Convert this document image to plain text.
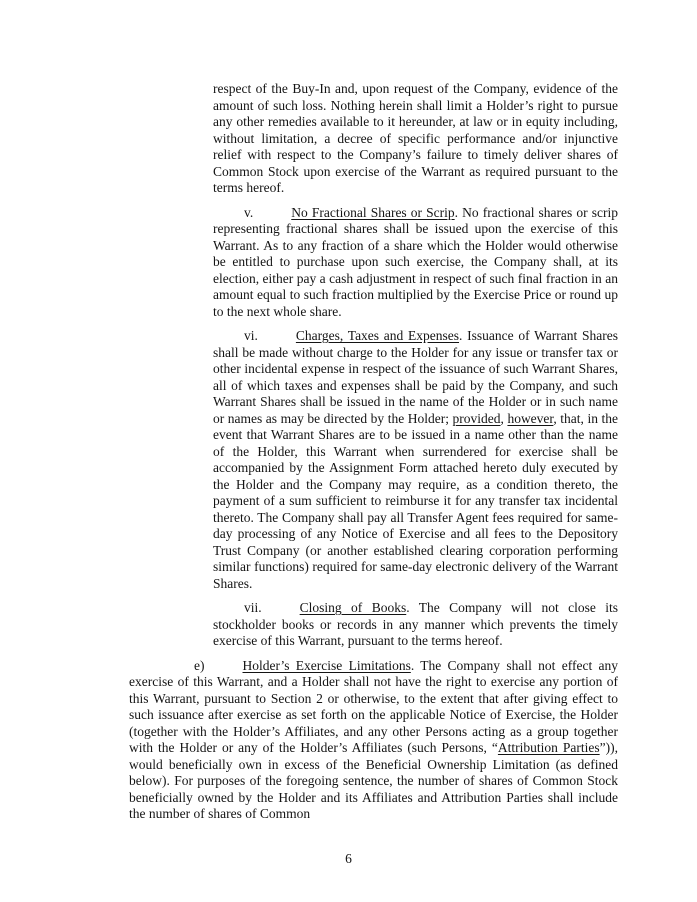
respect of the Buy-In and, upon request of the Company, evidence of the amount of such loss. Nothing herein shall limit a Holder’s right to pursue any other remedies available to it hereunder, at law or in equity including, without limitation, a decree of specific performance and/or injunctive relief with respect to the Company’s failure to timely deliver shares of Common Stock upon exercise of the Warrant as required pursuant to the terms hereof.

v.	No Fractional Shares or Scrip. No fractional shares or scrip representing fractional shares shall be issued upon the exercise of this Warrant. As to any fraction of a share which the Holder would otherwise be entitled to purchase upon such exercise, the Company shall, at its election, either pay a cash adjustment in respect of such final fraction in an amount equal to such fraction multiplied by the Exercise Price or round up to the next whole share.

vi.	Charges, Taxes and Expenses. Issuance of Warrant Shares shall be made without charge to the Holder for any issue or transfer tax or other incidental expense in respect of the issuance of such Warrant Shares, all of which taxes and expenses shall be paid by the Company, and such Warrant Shares shall be issued in the name of the Holder or in such name or names as may be directed by the Holder; provided, however, that, in the event that Warrant Shares are to be issued in a name other than the name of the Holder, this Warrant when surrendered for exercise shall be accompanied by the Assignment Form attached hereto duly executed by the Holder and the Company may require, as a condition thereto, the payment of a sum sufficient to reimburse it for any transfer tax incidental thereto. The Company shall pay all Transfer Agent fees required for same-day processing of any Notice of Exercise and all fees to the Depository Trust Company (or another established clearing corporation performing similar functions) required for same-day electronic delivery of the Warrant Shares.

vii.	Closing of Books. The Company will not close its stockholder books or records in any manner which prevents the timely exercise of this Warrant, pursuant to the terms hereof.

e)	Holder’s Exercise Limitations. The Company shall not effect any exercise of this Warrant, and a Holder shall not have the right to exercise any portion of this Warrant, pursuant to Section 2 or otherwise, to the extent that after giving effect to such issuance after exercise as set forth on the applicable Notice of Exercise, the Holder (together with the Holder’s Affiliates, and any other Persons acting as a group together with the Holder or any of the Holder’s Affiliates (such Persons, “Attribution Parties”)), would beneficially own in excess of the Beneficial Ownership Limitation (as defined below). For purposes of the foregoing sentence, the number of shares of Common Stock beneficially owned by the Holder and its Affiliates and Attribution Parties shall include the number of shares of Common

6
